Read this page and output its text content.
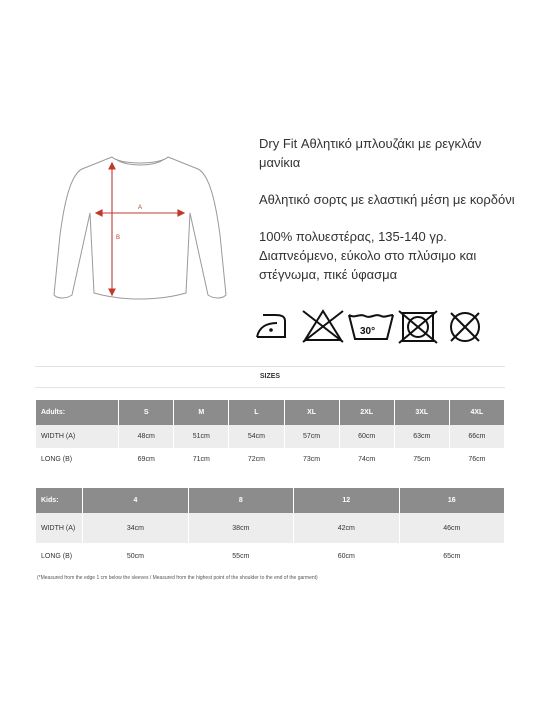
A
B

Dry Fit Αθλητικό μπλουζάκι με ρεγκλάν μανίκια

Αθλητικό σορτς με ελαστική μέση με κορδόνι

100% πολυεστέρας, 135-140 γρ. Διαπνεόμενο, εύκολο στο πλύσιμο και στέγνωμα, πικέ ύφασμα

30°
SIZES
Adults:	S	M	L	XL	2XL	3XL	4XL
WIDTH (A)	48cm	51cm	54cm	57cm	60cm	63cm	66cm
LONG (B)	69cm	71cm	72cm	73cm	74cm	75cm	76cm
Kids:	4	8	12	16
WIDTH (A)	34cm	38cm	42cm	46cm
LONG (B)	50cm	55cm	60cm	65cm
(*Measured from the edge 1 cm below the sleeves / Measured from the highest point of the shoulder to the end of the garment)
